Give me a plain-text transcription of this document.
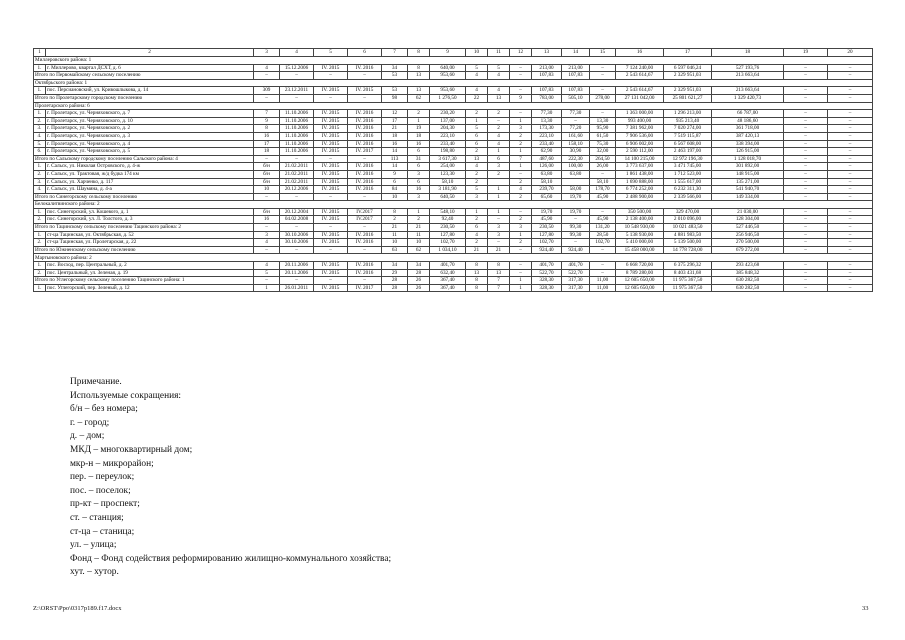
1	2	3	4	5	6	7	8	9	10	11	12	13	14	15	16	17	18	19	20
Миллеровского района: 1																			
1.	г. Миллерово, квартал ДСХТ, д. 6	4	15.12.2006	IV. 2015	IV. 2016	34	8	640,00	5	5	–	213,00	213,00	–	7 124 240,00	6 597 046,24	527 193,76	–	–
Итого по Первомайскому сельскому поселению		–	–	–	–	53	13	953,60	4	4	–	107,83	107,83	–	2 543 614,67	2 329 951,03	213 663,64	–	–
Октябрьского района: 1																			
1.	пос. Персиановский, ул. Кривошлыкова, д. 14	309	23.12.2011	IV. 2015	IV. 2015	53	13	953,60	4	4	–	107,83	107,83	–	2 543 614,67	2 329 951,03	213 663,64	–	–
Итого по Пролетарскому городскому поселению		–	–	–	–	98	62	1 276,50	22	13	9	783,00	505,10	278,00	27 131 042,00	25 801 621,27	1 329 420,73	–	–
Пролетарского района: 6																			
1.	г. Пролетарск, ул. Черняховского, д. 7	7	11.10.2006	IV. 2015	IV. 2016	12	2	230,20	2	2	–	77,30	77,30	–	1 363 000,00	1 296 213,00	66 787,00	–	–
2.	г. Пролетарск, ул. Черняховского, д. 10	9	11.10.2006	IV. 2015	IV. 2016	17	1	137,00	1	–	1	13,30	–	13,30	993 400,00	935 213,40	48 186,60	–	–
3.	г. Пролетарск, ул. Черняховского, д. 2	8	11.10.2006	IV. 2015	IV. 2016	21	19	204,30	5	2	3	173,30	77,20	95,90	7 381 962,00	7 020 274,00	361 718,00	–	–
4.	г. Пролетарск, ул. Черняховского, д. 3	16	11.10.2006	IV. 2015	IV. 2016	18	18	223,10	6	4	2	223,10	161,60	61,50	7 906 536,00	7 519 115,87	387 420,13	–	–
5.	г. Пролетарск, ул. Черняховского, д. 4	17	11.10.2006	IV. 2015	IV. 2016	16	16	233,40	6	4	2	233,40	158,10	75,30	6 906 002,00	6 567 608,00	338 394,00	–	–
6.	г. Пролетарск, ул. Черняховского, д. 5	18	11.10.2006	IV. 2015	IV. 2017	14	6	198,80	2	1	1	62,90	30,90	32,00	2 590 112,00	2 463 197,00	126 915,00	–	–
Итого по Сальскому городскому поселению Сальского района: 4		–	–	–	–	113	31	3 617,30	13	6	7	487,60	222,30	264,50	14 100 215,00	12 972 196,30	1 128 018,70	–	–
1.	г. Сальск, ул. Николая Островского, д. 4-ж	б/н	21.02.2011	IV. 2015	IV. 2016	14	6	254,00	4	3	1	126,00	100,00	26,00	3 773 637,00	3 471 745,00	301 892,00	–	–
2.	г. Сальск, ул. Трактовая, ж/д будка 174 км	б/н	21.02.2011	IV. 2015	IV. 2016	9	3	123,30	2	2	–	63,80	63,80	–	1 861 438,00	1 712 523,00	148 915,00	–	–
3.	г. Сальск, ул. Харченко, д. 117	б/н	21.02.2011	IV. 2015	IV. 2016	6	6	58,10	2		2	58,10		58,10	1 690 888,00	1 555 617,00	135 271,00	–	–
4.	г. Сальск, ул. Шаумяна, д. 4-а	10	20.12.2006	IV. 2015	IV. 2016	84	16	3 181,90	5	1	4	239,70	58,00	178,70	6 774 252,00	6 232 311,30	541 940,70	–	–
Итого по Синегорскому сельскому поселению		–	–	–	–	10	3	640,50	3	1	2	65,60	19,70	45,90	2 488 900,00	2 339 566,00	149 334,00	–	–
Белокалитвинского района: 2																			
1.	пос. Синегорский, ул. Кошевого, д. 1	б/н	20.12.2004	IV. 2015	IV.2017	8	1	548,10	1	1	–	19,70	19,70	–	350 500,00	329 470,00	21 030,00	–	–
2.	пос. Синегорский, ул. Л. Толстого, д. 3	16	04.02.2008	IV. 2015	IV.2017	2	2	92,40	2	–	2	45,90	–	45,90	2 138 400,00	2 010 096,00	128 304,00	–	–
Итого по Тацинскому сельскому поселению Тацинского района: 2		–	–	–	–	21	21	230,50	6	3	3	230,50	99,30	131,20	10 548 930,00	10 021 483,50	527 446,50	–	–
1.	ст-ца Тацинская, ул. Октябрьская, д. 52	3	30.10.2006	IV. 2015	IV. 2016	11	11	127,80	4	3	1	127,80	99,30	28,50	5 138 930,00	4 881 983,50	256 946,50	–	–
2.	ст-ца Тацинская, ул. Пролетарская, д. 22	4	30.10.2006	IV. 2015	IV. 2016	10	10	102,70	2	–	2	102,70	–	102,70	5 410 000,00	5 139 500,00	270 500,00	–	–
Итого по Южненскому сельскому поселению		–	–	–	–	63	62	1 034,10	21	21	–	924,40	924,40	–	15 458 000,00	14 778 728,00	679 272,00	–	–
Мартыновского района: 2																			
1.	пос. Восход, пер. Центральный, д. 2	4	20.11.2006	IV. 2015	IV. 2016	34	34	401,70	8	8	–	401,70	401,70	–	6 668 720,00	6 375 296,32	293 423,68	–	–
2.	пос. Центральный, ул. Зеленая, д. 19	5	20.11.2006	IV. 2015	IV. 2016	29	28	632,40	13	13	–	522,70	522,70	–	8 789 280,00	8 403 431,68	385 848,32	–	–
Итого по Углегорскому сельскому поселению Тацинского района: 1		–	–	–	–	28	26	367,40	8	7	1	328,30	317,30	11,00	12 605 650,00	11 975 367,50	630 282,50	–	–
1.	пос. Углегорский, пер. Зеленый, д. 12	1	26.01.2011	IV. 2015	IV. 2017	28	26	367,40	8	7	1	328,30	317,30	11,00	12 605 650,00	11 975 367,50	630 282,50	–	–
Примечание.
Используемые сокращения:
б/н – без номера;
г. – город;
д. – дом;
МКД – многоквартирный дом;
мкр-н – микрорайон;
пер. – переулок;
пос. – поселок;
пр-кт – проспект;
ст. – станция;
ст-ца – станица;
ул. – улица;
Фонд – Фонд содействия реформированию жилищно-коммунального хозяйства;
хут. – хутор.
Z:\ORST\Ppo\0317p189.f17.docx	33
